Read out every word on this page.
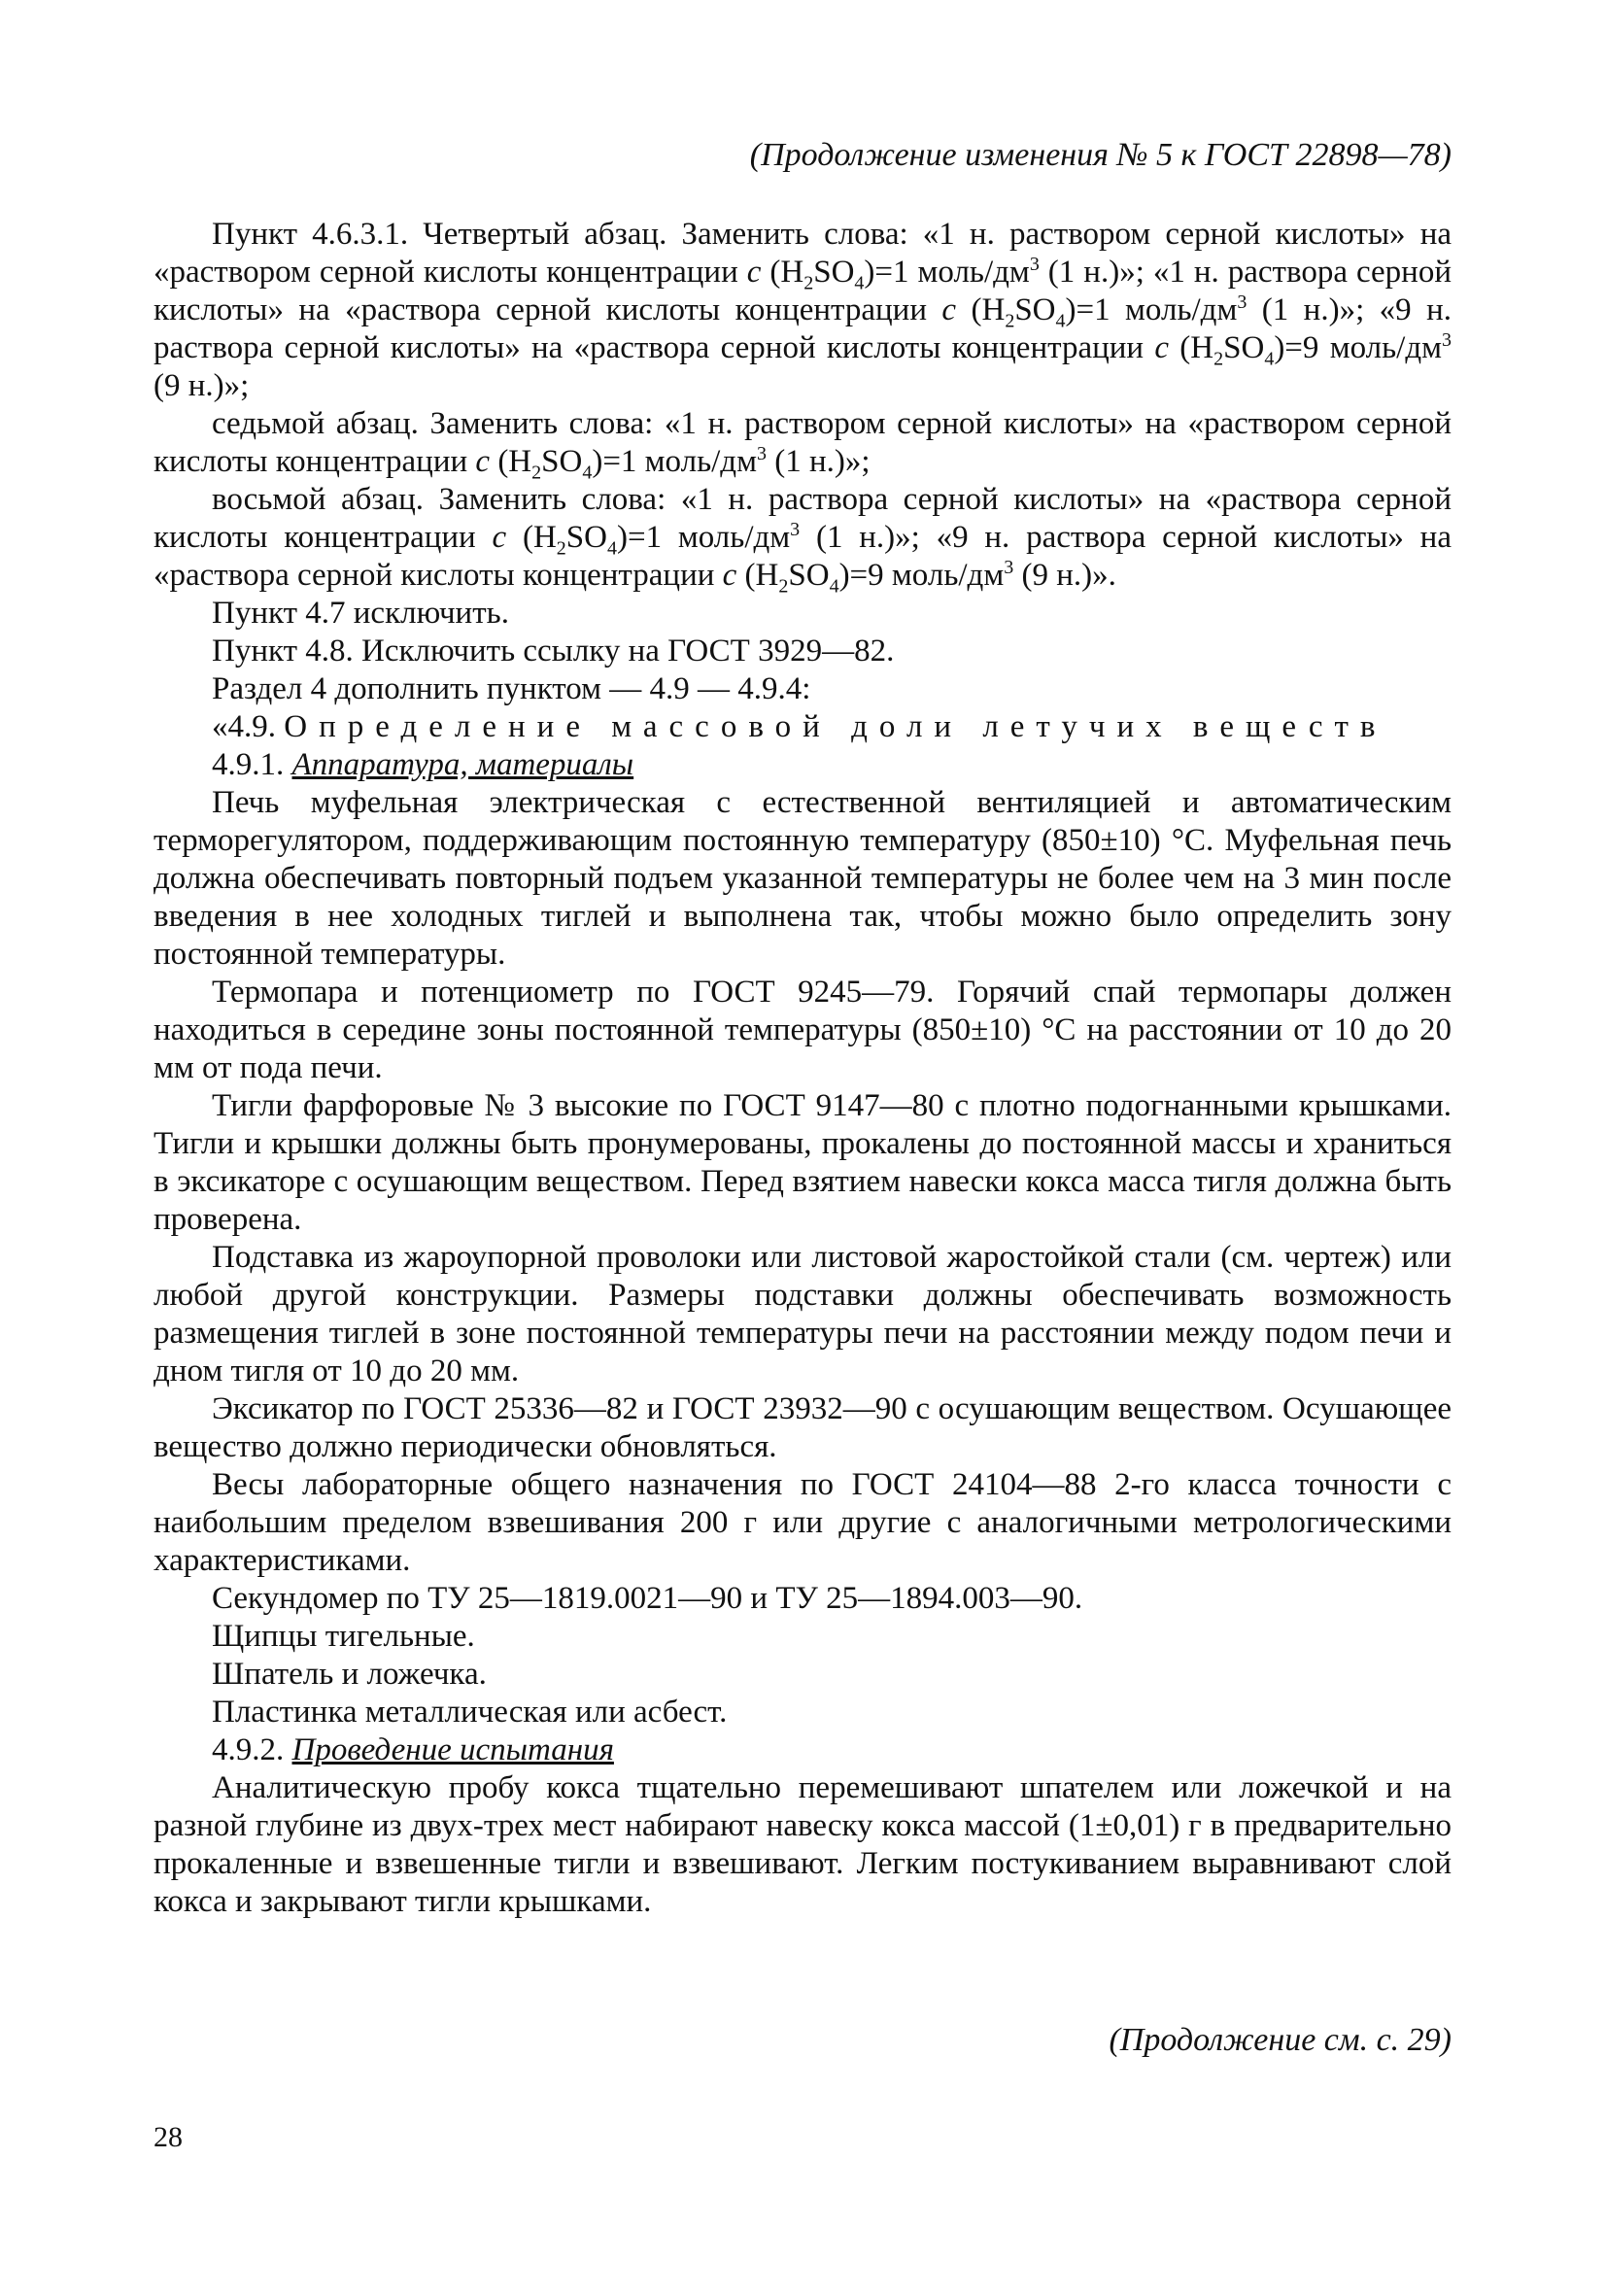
(Продолжение изменения № 5 к ГОСТ 22898—78)

Пункт 4.6.3.1. Четвертый абзац. Заменить слова: «1 н. раствором серной кислоты» на «раствором серной кислоты концентрации c $(H_2SO_4)=1$ моль/$дм^3$ (1 н.)»; «1 н. раствора серной кислоты» на «раствора серной кислоты концентрации c $(H_2SO_4)=1$ моль/$дм^3$ (1 н.)»; «9 н. раствора серной кислоты» на «раствора серной кислоты концентрации c $(H_2SO_4)=9$ моль/$дм^3$ (9 н.)»;

седьмой абзац. Заменить слова: «1 н. раствором серной кислоты» на «раствором серной кислоты концентрации c $(H_2SO_4)=1$ моль/$дм^3$ (1 н.)»;

восьмой абзац. Заменить слова: «1 н. раствора серной кислоты» на «раствора серной кислоты концентрации c $(H_2SO_4)=1$ моль/$дм^3$ (1 н.)»; «9 н. раствора серной кислоты» на «раствора серной кислоты концентрации c $(H_2SO_4)=9$ моль/$дм^3$ (9 н.)».

Пункт 4.7 исключить.

Пункт 4.8. Исключить ссылку на ГОСТ 3929—82.

Раздел 4 дополнить пунктом — 4.9 — 4.9.4:

«4.9. Определение массовой доли летучих веществ

4.9.1. Аппаратура, материалы

Печь муфельная электрическая с естественной вентиляцией и автоматическим терморегулятором, поддерживающим постоянную температуру (850±10) °С. Муфельная печь должна обеспечивать повторный подъем указанной температуры не более чем на 3 мин после введения в нее холодных тиглей и выполнена так, чтобы можно было определить зону постоянной температуры.

Термопара и потенциометр по ГОСТ 9245—79. Горячий спай термопары должен находиться в середине зоны постоянной температуры (850±10) °С на расстоянии от 10 до 20 мм от пода печи.

Тигли фарфоровые № 3 высокие по ГОСТ 9147—80 с плотно подогнанными крышками. Тигли и крышки должны быть пронумерованы, прокалены до постоянной массы и храниться в эксикаторе с осушающим веществом. Перед взятием навески кокса масса тигля должна быть проверена.

Подставка из жароупорной проволоки или листовой жаростойкой стали (см. чертеж) или любой другой конструкции. Размеры подставки должны обеспечивать возможность размещения тиглей в зоне постоянной температуры печи на расстоянии между подом печи и дном тигля от 10 до 20 мм.

Эксикатор по ГОСТ 25336—82 и ГОСТ 23932—90 с осушающим веществом. Осушающее вещество должно периодически обновляться.

Весы лабораторные общего назначения по ГОСТ 24104—88 2-го класса точности с наибольшим пределом взвешивания 200 г или другие с аналогичными метрологическими характеристиками.

Секундомер по ТУ 25—1819.0021—90 и ТУ 25—1894.003—90.

Щипцы тигельные.

Шпатель и ложечка.

Пластинка металлическая или асбест.

4.9.2. Проведение испытания

Аналитическую пробу кокса тщательно перемешивают шпателем или ложечкой и на разной глубине из двух-трех мест набирают навеску кокса массой (1±0,01) г в предварительно прокаленные и взвешенные тигли и взвешивают. Легким постукиванием выравнивают слой кокса и закрывают тигли крышками.

(Продолжение см. с. 29)
28
